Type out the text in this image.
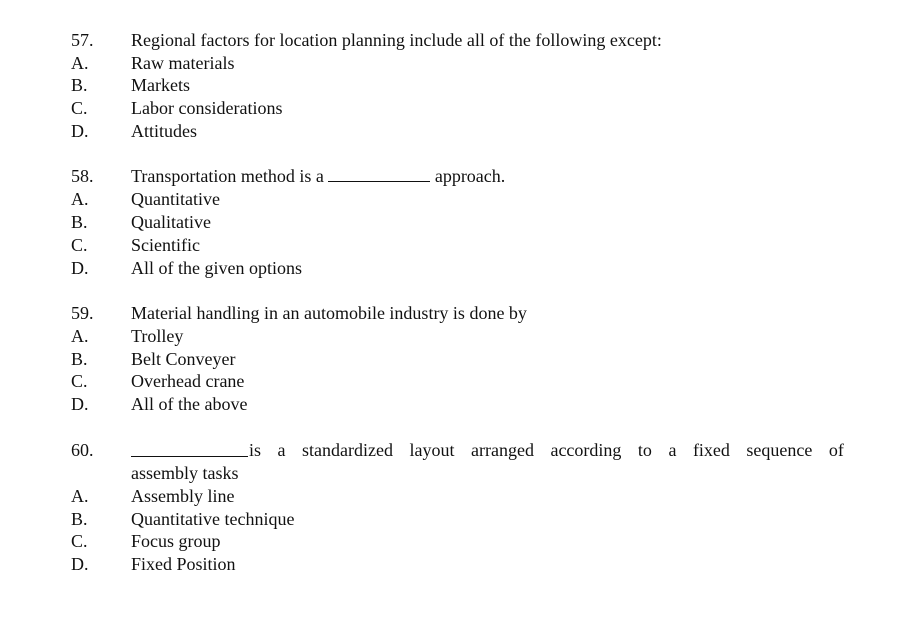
57. Regional factors for location planning include all of the following except:
A. Raw materials
B. Markets
C. Labor considerations
D. Attitudes
58. Transportation method is a	approach.
A. Quantitative
B. Qualitative
C. Scientific
D. All of the given options
59. Material handling in an automobile industry is done by
A. Trolley
B. Belt Conveyer
C. Overhead crane
D. All of the above
60.	is a standardized layout arranged according to a fixed sequence of
assembly tasks
A. Assembly line
B. Quantitative technique
C. Focus group
D. Fixed Position
